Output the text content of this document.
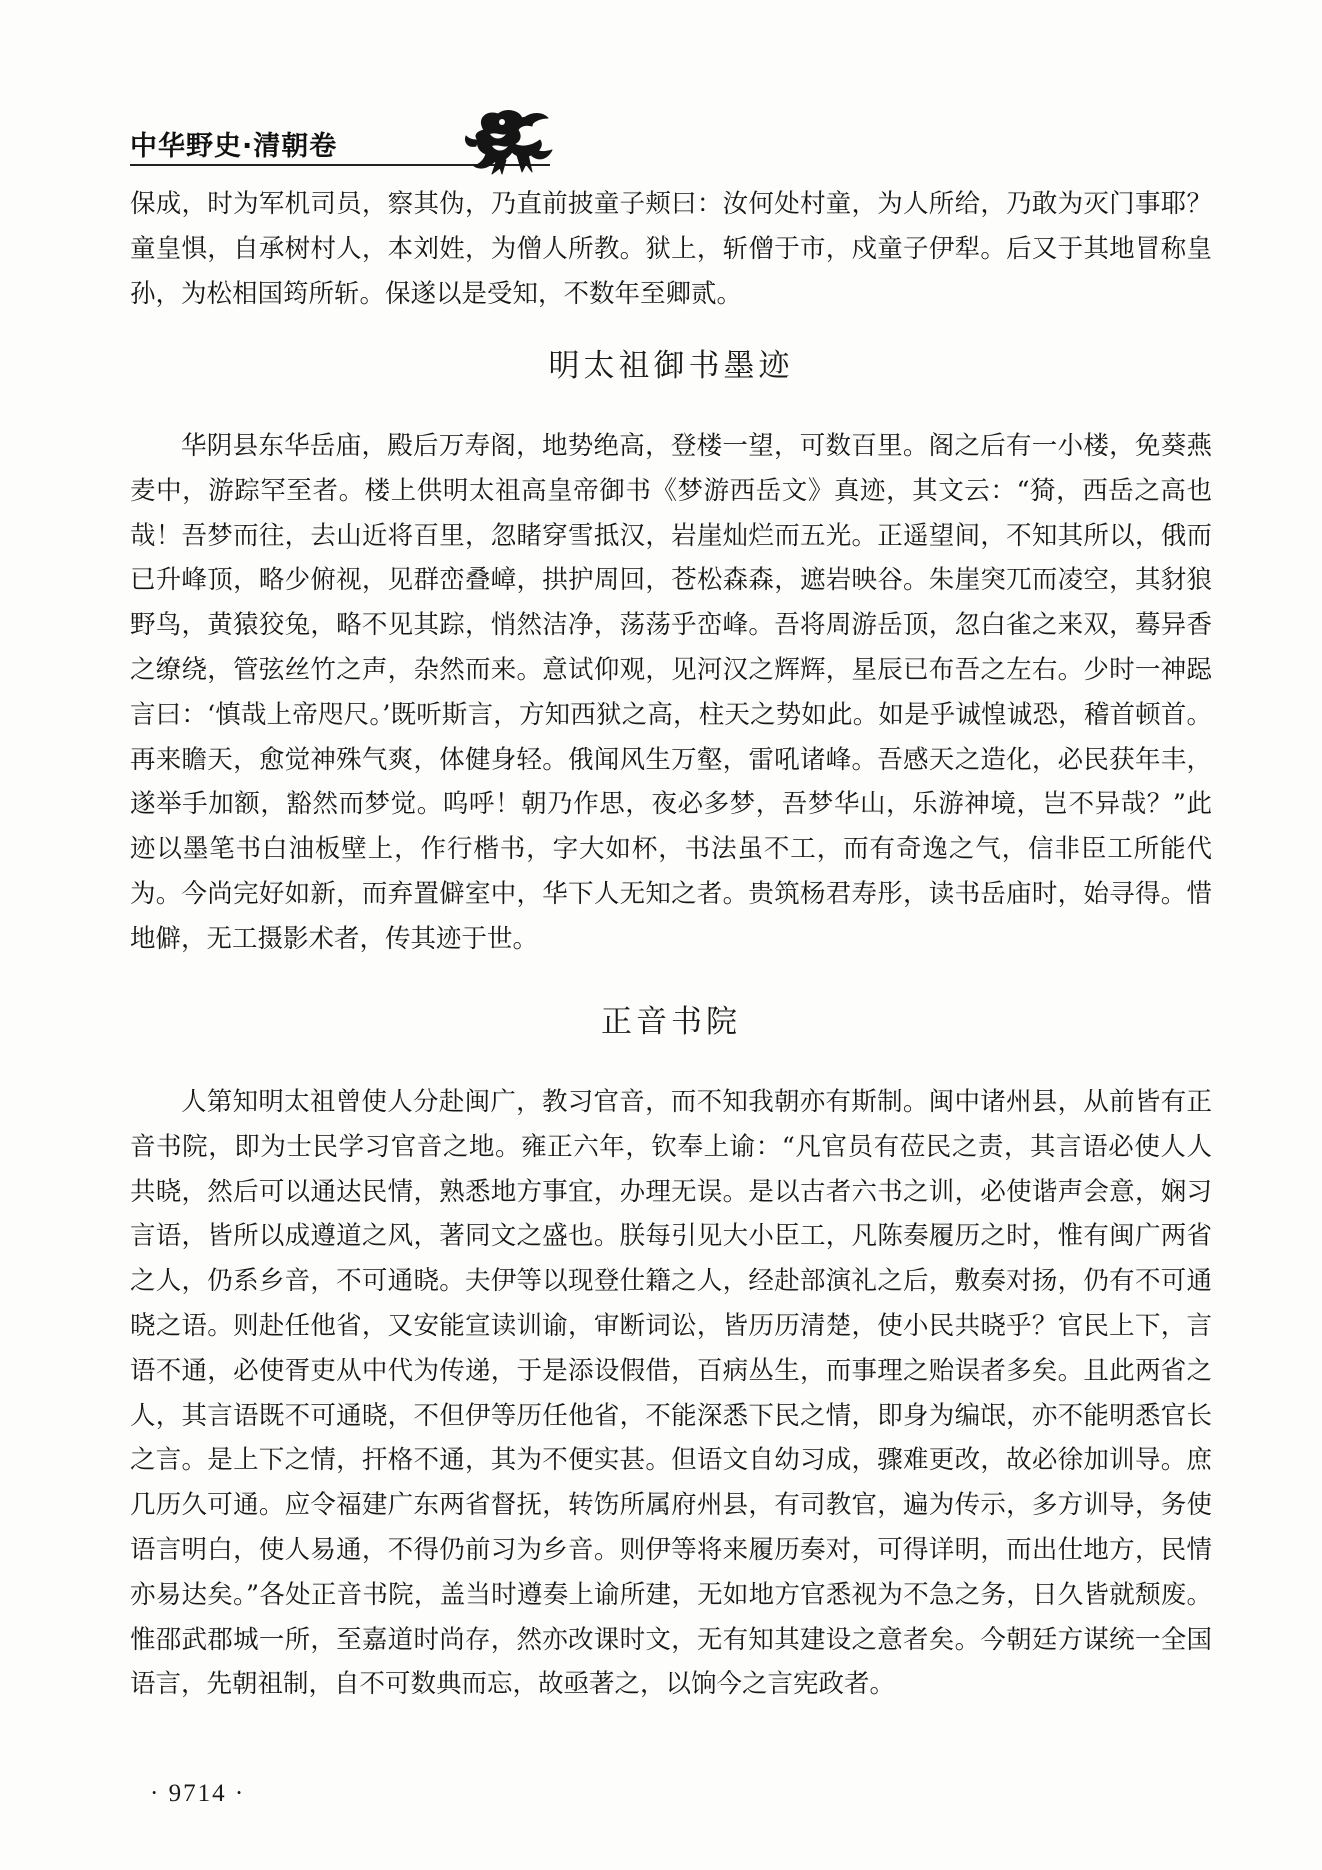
中华野史·清朝卷

保成，时为军机司员，察其伪，乃直前披童子颊曰：汝何处村童，为人所给，乃敢为灭门事耶？童皇惧，自承树村人，本刘姓，为僧人所教。狱上，斩僧于市，戍童子伊犁。后又于其地冒称皇孙，为松相国筠所斩。保遂以是受知，不数年至卿贰。

明太祖御书墨迹

华阴县东华岳庙，殿后万寿阁，地势绝高，登楼一望，可数百里。阁之后有一小楼，免葵燕麦中，游踪罕至者。楼上供明太祖高皇帝御书《梦游西岳文》真迹，其文云：“猗，西岳之高也哉！吾梦而往，去山近将百里，忽睹穿雪抵汉，岩崖灿烂而五光。正遥望间，不知其所以，俄而已升峰顶，略少俯视，见群峦叠嶂，拱护周回，苍松森森，遮岩映谷。朱崖突兀而凌空，其豺狼野鸟，黄猿狡兔，略不见其踪，悄然洁净，荡荡乎峦峰。吾将周游岳顶，忽白雀之来双，蓦异香之缭绕，管弦丝竹之声，杂然而来。意试仰观，见河汉之辉辉，星辰已布吾之左右。少时一神跽言曰：‘慎哉上帝咫尺。’既听斯言，方知西狱之高，柱天之势如此。如是乎诚惶诚恐，稽首顿首。再来瞻天，愈觉神殊气爽，体健身轻。俄闻风生万壑，雷吼诸峰。吾感天之造化，必民获年丰，遂举手加额，豁然而梦觉。呜呼！朝乃作思，夜必多梦，吾梦华山，乐游神境，岂不异哉？”此迹以墨笔书白油板壁上，作行楷书，字大如杯，书法虽不工，而有奇逸之气，信非臣工所能代为。今尚完好如新，而弃置僻室中，华下人无知之者。贵筑杨君寿彤，读书岳庙时，始寻得。惜地僻，无工摄影术者，传其迹于世。

正音书院

人第知明太祖曾使人分赴闽广，教习官音，而不知我朝亦有斯制。闽中诸州县，从前皆有正音书院，即为士民学习官音之地。雍正六年，钦奉上谕：“凡官员有莅民之责，其言语必使人人共晓，然后可以通达民情，熟悉地方事宜，办理无误。是以古者六书之训，必使谐声会意，娴习言语，皆所以成遵道之风，著同文之盛也。朕每引见大小臣工，凡陈奏履历之时，惟有闽广两省之人，仍系乡音，不可通晓。夫伊等以现登仕籍之人，经赴部演礼之后，敷奏对扬，仍有不可通晓之语。则赴任他省，又安能宣读训谕，审断词讼，皆历历清楚，使小民共晓乎？官民上下，言语不通，必使胥吏从中代为传递，于是添设假借，百病丛生，而事理之贻误者多矣。且此两省之人，其言语既不可通晓，不但伊等历任他省，不能深悉下民之情，即身为编氓，亦不能明悉官长之言。是上下之情，扞格不通，其为不便实甚。但语文自幼习成，骤难更改，故必徐加训导。庶几历久可通。应令福建广东两省督抚，转饬所属府州县，有司教官，遍为传示，多方训导，务使语言明白，使人易通，不得仍前习为乡音。则伊等将来履历奏对，可得详明，而出仕地方，民情亦易达矣。”各处正音书院，盖当时遵奏上谕所建，无如地方官悉视为不急之务，日久皆就颓废。惟邵武郡城一所，至嘉道时尚存，然亦改课时文，无有知其建设之意者矣。今朝廷方谋统一全国语言，先朝祖制，自不可数典而忘，故亟著之，以饷今之言宪政者。

· 9714 ·
